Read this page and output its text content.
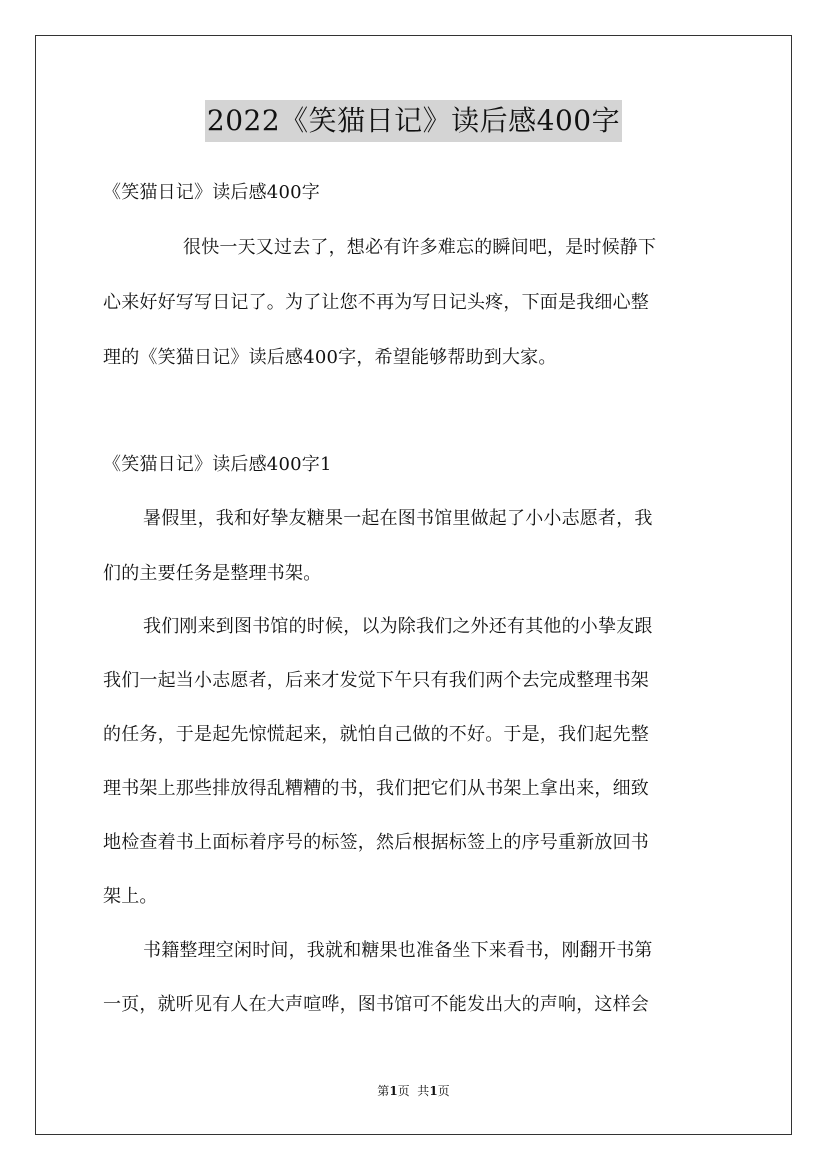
2022《笑猫日记》读后感400字
《笑猫日记》读后感400字
很快一天又过去了，想必有许多难忘的瞬间吧，是时候静下
心来好好写写日记了。为了让您不再为写日记头疼，下面是我细心整
理的《笑猫日记》读后感400字，希望能够帮助到大家。
《笑猫日记》读后感400字1
暑假里，我和好挚友糖果一起在图书馆里做起了小小志愿者，我
们的主要任务是整理书架。
我们刚来到图书馆的时候，以为除我们之外还有其他的小挚友跟
我们一起当小志愿者，后来才发觉下午只有我们两个去完成整理书架
的任务，于是起先惊慌起来，就怕自己做的不好。于是，我们起先整
理书架上那些排放得乱糟糟的书，我们把它们从书架上拿出来，细致
地检查着书上面标着序号的标签，然后根据标签上的序号重新放回书
架上。
书籍整理空闲时间，我就和糖果也准备坐下来看书，刚翻开书第
一页，就听见有人在大声喧哗，图书馆可不能发出大的声响，这样会
第1页  共1页
